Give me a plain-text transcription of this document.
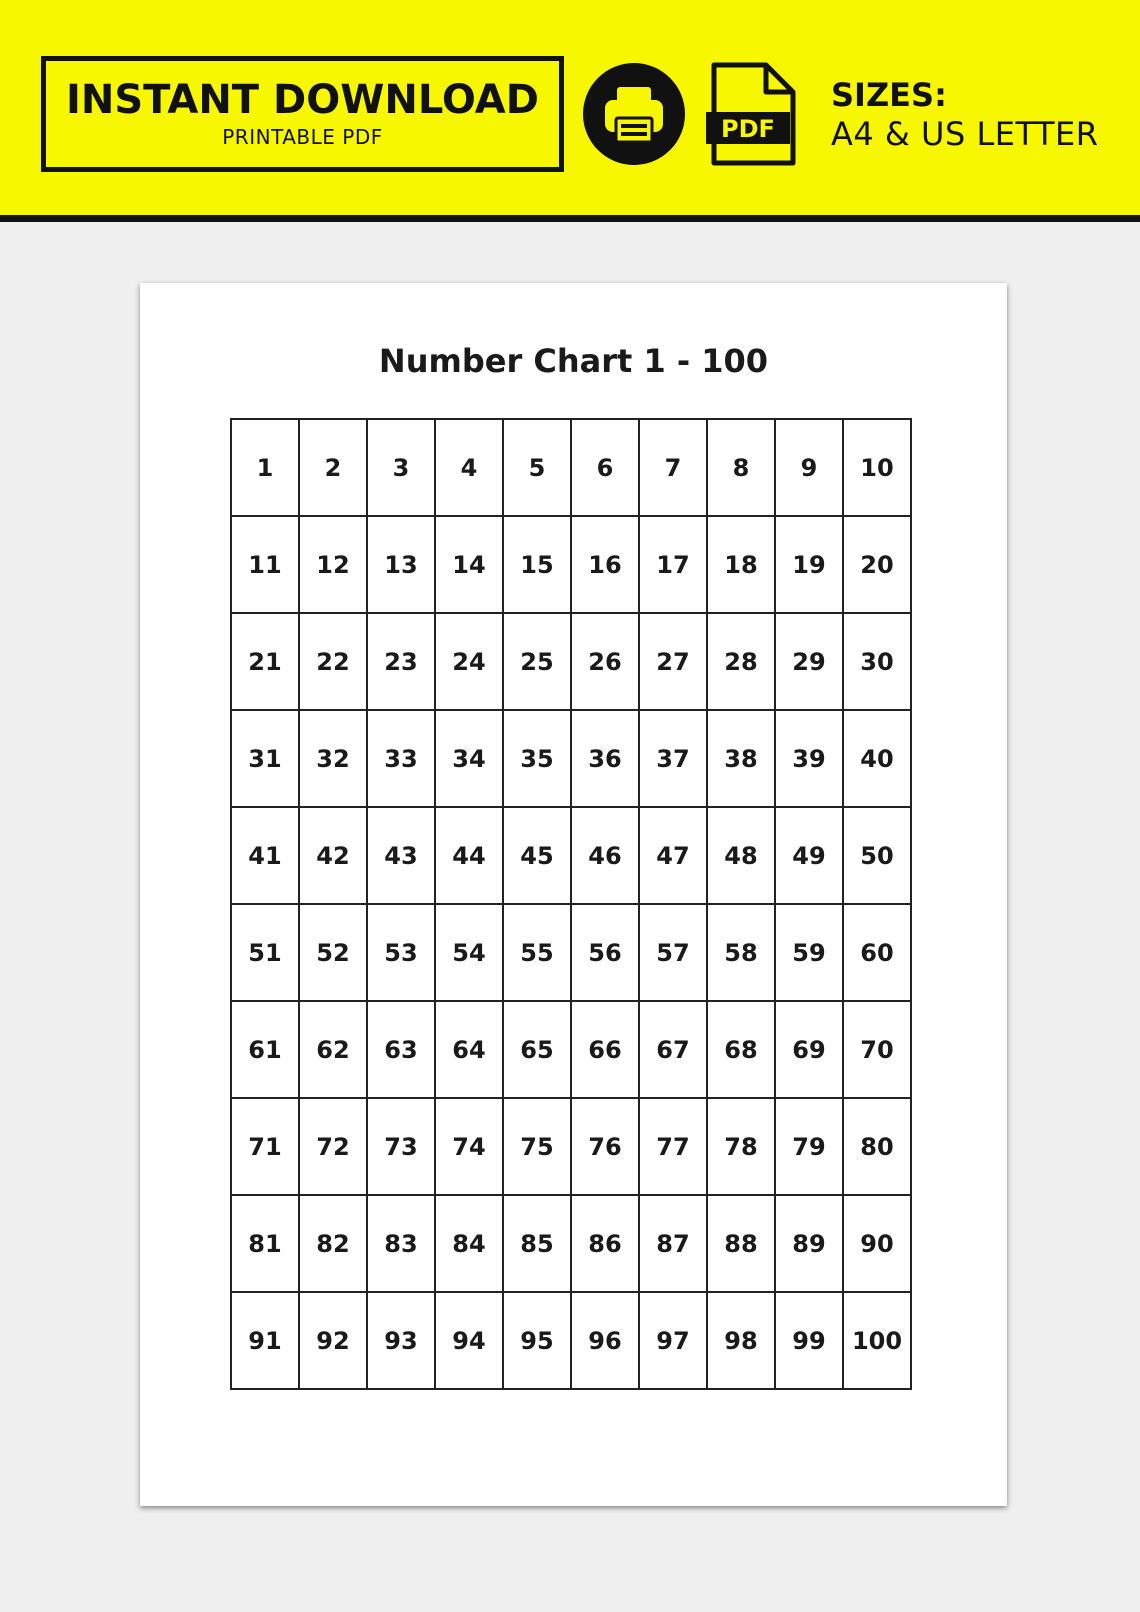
INSTANT DOWNLOAD
PRINTABLE PDF	PDF
SIZES:
A4 & US LETTER
Number Chart 1 - 100
1	2	3	4	5	6	7	8	9	10
11	12	13	14	15	16	17	18	19	20
21	22	23	24	25	26	27	28	29	30
31	32	33	34	35	36	37	38	39	40
41	42	43	44	45	46	47	48	49	50
51	52	53	54	55	56	57	58	59	60
61	62	63	64	65	66	67	68	69	70
71	72	73	74	75	76	77	78	79	80
81	82	83	84	85	86	87	88	89	90
91	92	93	94	95	96	97	98	99	100
